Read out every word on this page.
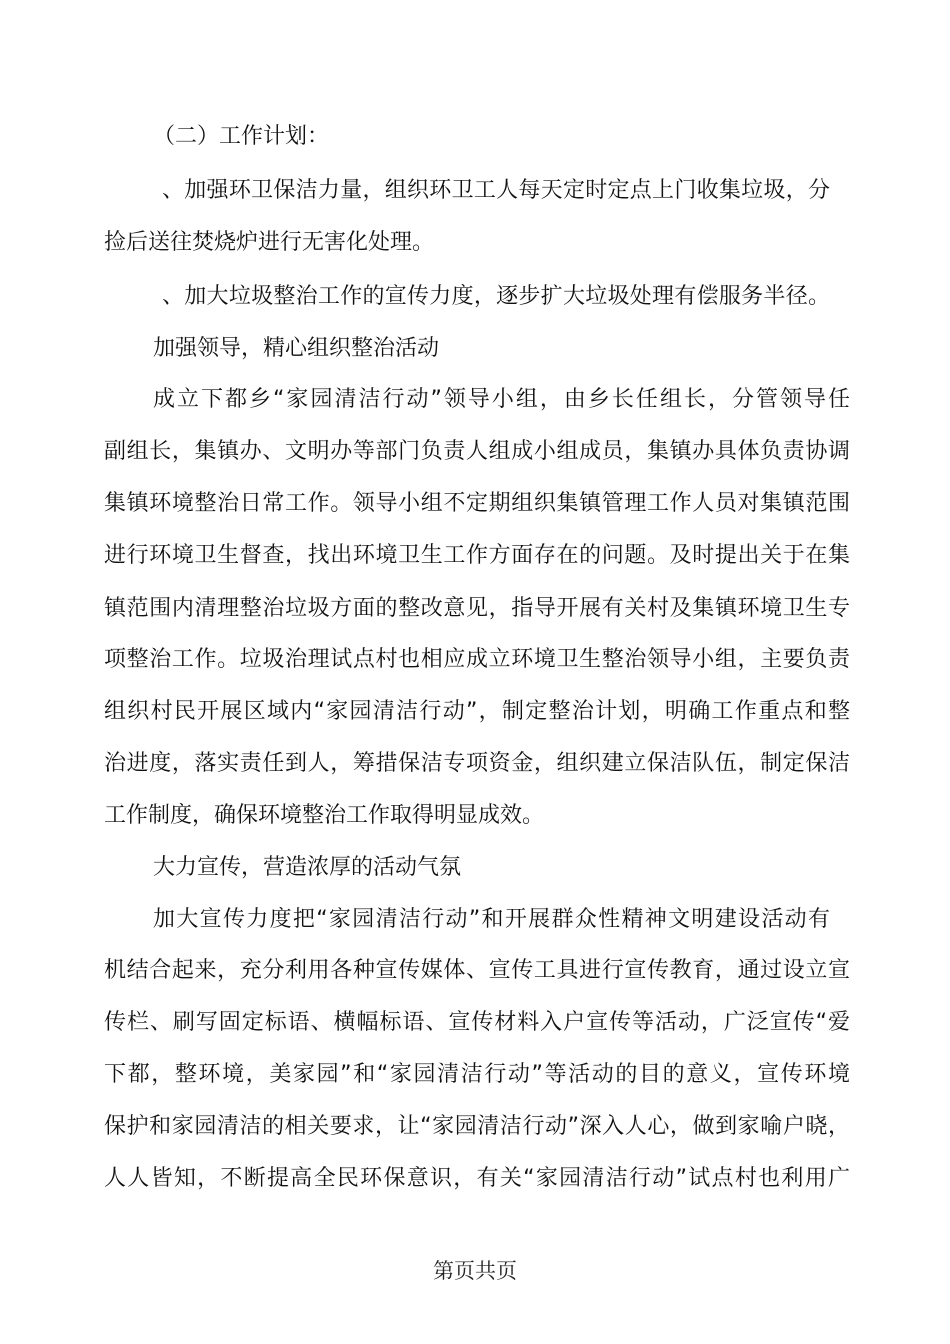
（二）工作计划：
、加强环卫保洁力量，组织环卫工人每天定时定点上门收集垃圾，分
捡后送往焚烧炉进行无害化处理。
、加大垃圾整治工作的宣传力度，逐步扩大垃圾处理有偿服务半径。
加强领导，精心组织整治活动
成立下都乡“家园清洁行动”领导小组，由乡长任组长，分管领导任
副组长，集镇办、文明办等部门负责人组成小组成员，集镇办具体负责协调
集镇环境整治日常工作。领导小组不定期组织集镇管理工作人员对集镇范围
进行环境卫生督查，找出环境卫生工作方面存在的问题。及时提出关于在集
镇范围内清理整治垃圾方面的整改意见，指导开展有关村及集镇环境卫生专
项整治工作。垃圾治理试点村也相应成立环境卫生整治领导小组，主要负责
组织村民开展区域内“家园清洁行动”，制定整治计划，明确工作重点和整
治进度，落实责任到人，筹措保洁专项资金，组织建立保洁队伍，制定保洁
工作制度，确保环境整治工作取得明显成效。
大力宣传，营造浓厚的活动气氛
加大宣传力度把“家园清洁行动”和开展群众性精神文明建设活动有
机结合起来，充分利用各种宣传媒体、宣传工具进行宣传教育，通过设立宣
传栏、刷写固定标语、横幅标语、宣传材料入户宣传等活动，广泛宣传“爱
下都，整环境，美家园”和“家园清洁行动”等活动的目的意义，宣传环境
保护和家园清洁的相关要求，让“家园清洁行动”深入人心，做到家喻户晓，
人人皆知，不断提高全民环保意识，有关“家园清洁行动”试点村也利用广
第页共页
